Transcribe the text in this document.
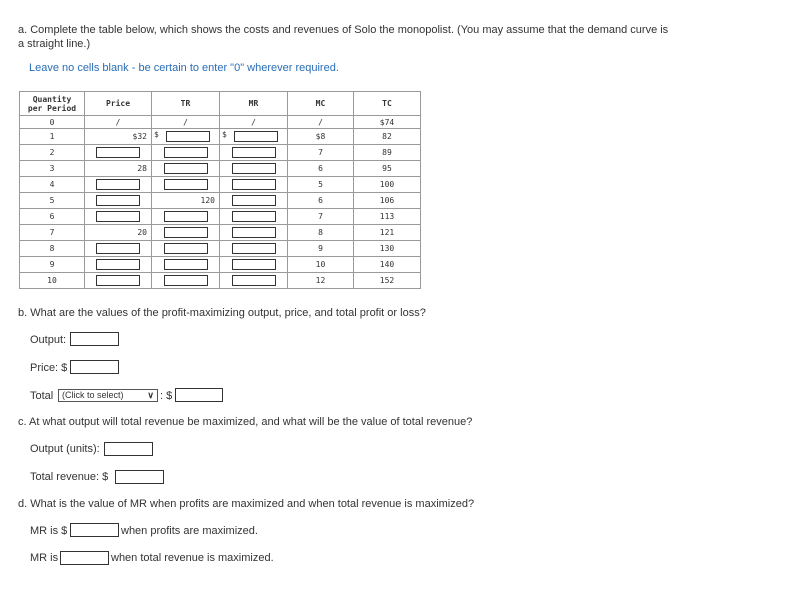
a. Complete the table below, which shows the costs and revenues of Solo the monopolist. (You may assume that the demand curve is
a straight line.)
Leave no cells blank - be certain to enter "0" wherever required.
Quantity
per Period	Price	TR	MR	MC	TC
0	/	/	/	/	$74
1	$32	$	$	$8	82
2				7	89
3	28			6	95
4				5	100
5		120		6	106
6				7	113
7	20			8	121
8				9	130
9				10	140
10				12	152
b. What are the values of the profit-maximizing output, price, and total profit or loss?
Output:
Price: $
Total (Click to select)	∨ : $
c. At what output will total revenue be maximized, and what will be the value of total revenue?
Output (units):
Total revenue: $
d. What is the value of MR when profits are maximized and when total revenue is maximized?
MR is $	when profits are maximized.
MR is	when total revenue is maximized.
